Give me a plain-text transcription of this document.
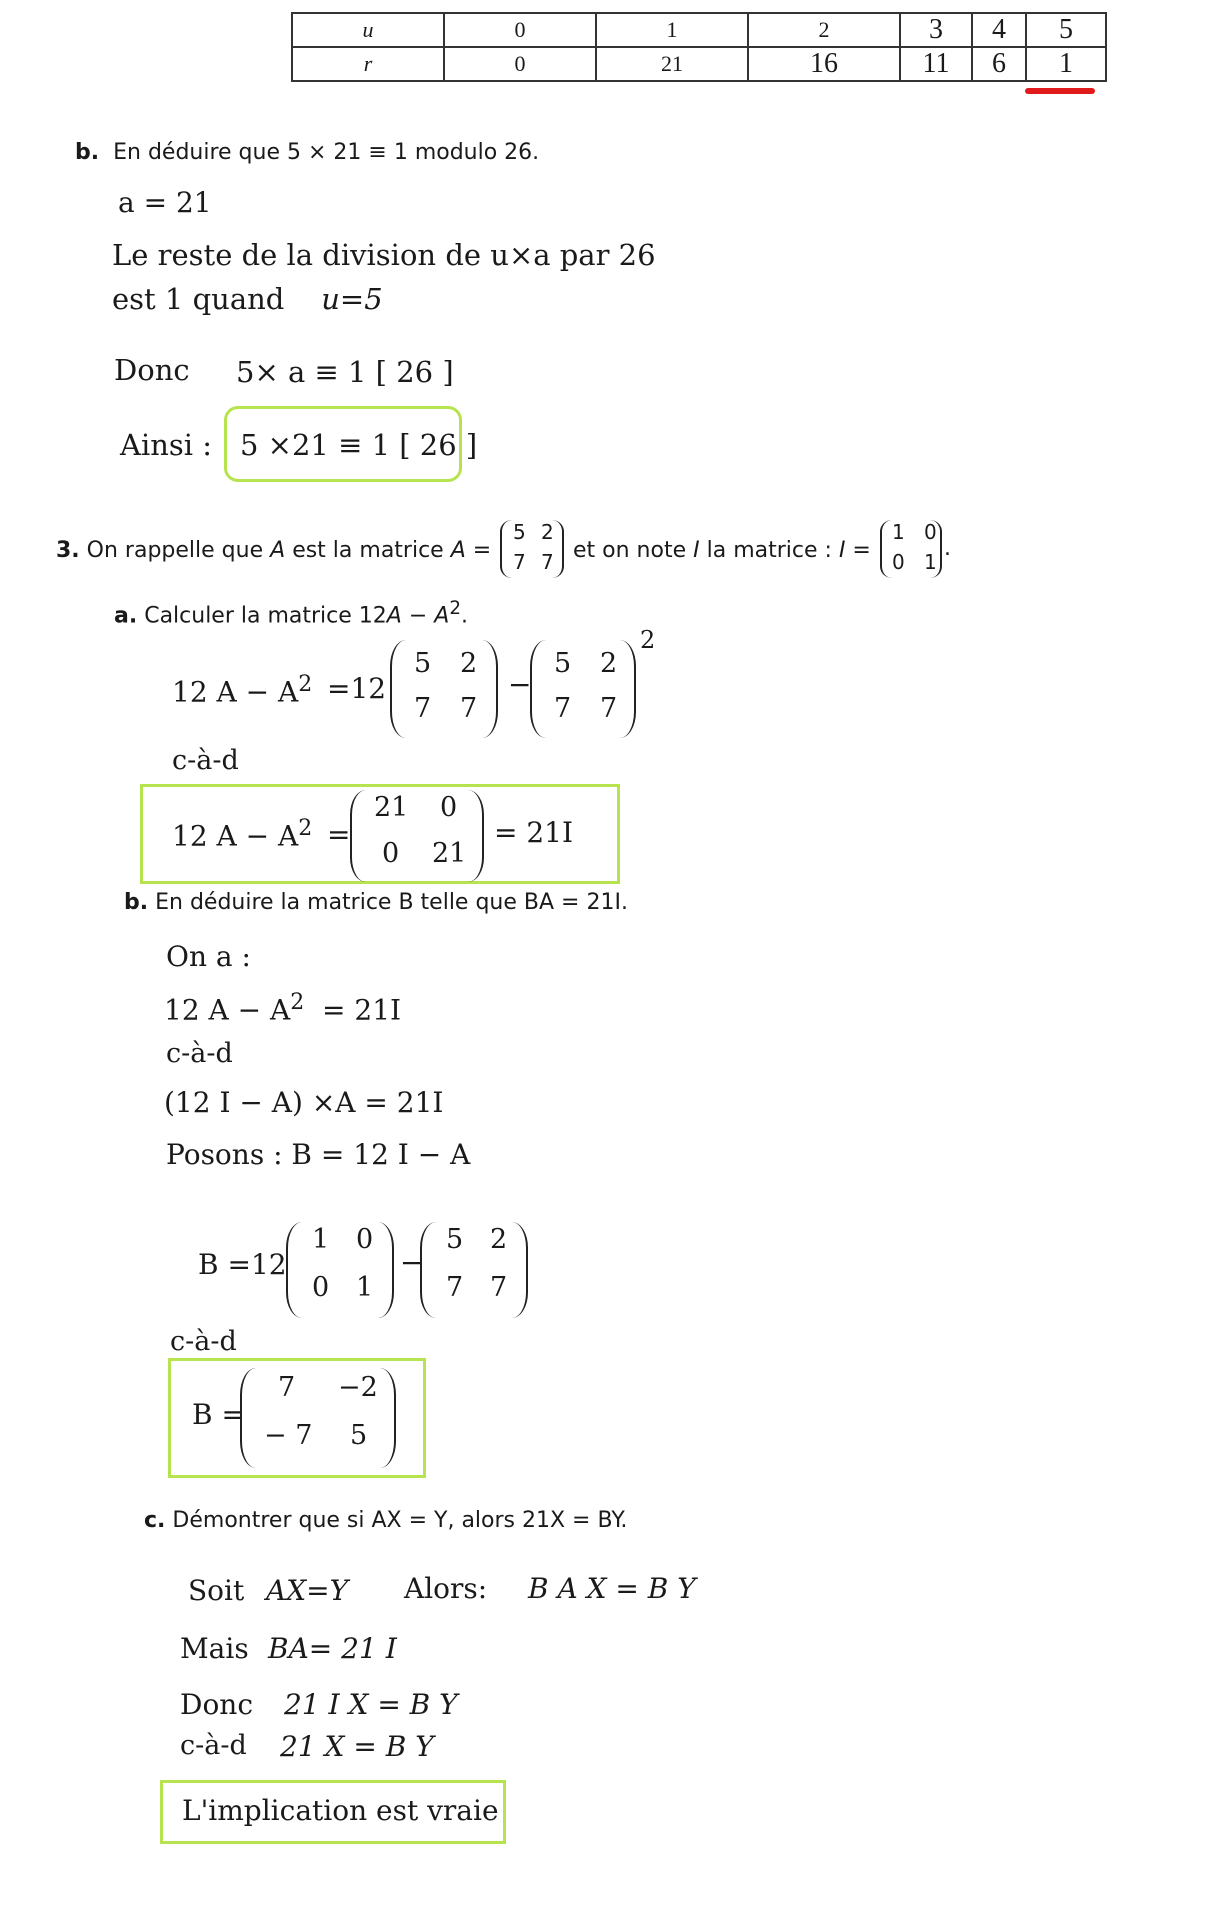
u	0	1	2	3	4	5
r	0	21	16	11	6	1
b. En déduire que 5 × 21 ≡ 1 modulo 26.
a = 21
Le reste de la division de u×a par 26
est 1 quand u=5
Donc 5× a ≡ 1 [ 26 ]
Ainsi : 5 ×21 ≡ 1 [ 26 ]
3. On rappelle que A est la matrice A =
5 2
7 7 et on note I la matrice : I =
1 0
0 1
.
a. Calculer la matrice $12A - A^2$.
12 $A - A^2 =12$
5 2
7 7
−
5 2
7 7
2
c-à-d
12 $A - A^2$ =
21 0
0 21
= 21I
b. En déduire la matrice B telle que BA = 21I.
On a :
12 $A - A^2 = 21I$
c-à-d
(12 I − A) ×A = 21I
Posons : B = 12 I − A
B =12
1 0
0 1
−
5 2
7 7
c-à-d
B =
7 −2
− 7 5
c. Démontrer que si AX = Y, alors 21X = BY.
Soit AX=Y Alors: B A X = B Y
Mais BA= 21 I
Donc 21 I X = B Y
c-à-d 21 X = B Y
L'implication est vraie
